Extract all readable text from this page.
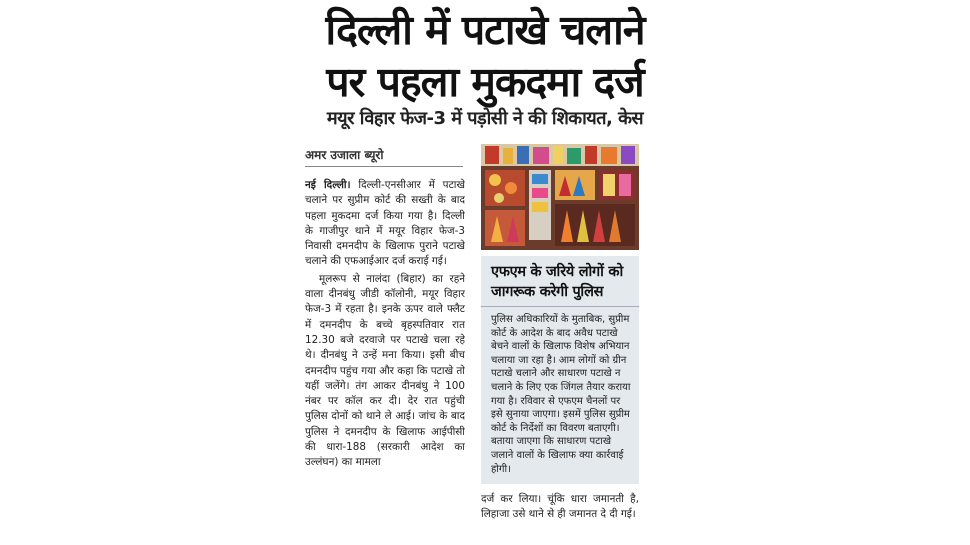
दिल्ली में पटाखे चलाने
पर पहला मुकदमा दर्ज
मयूर विहार फेज-3 में पड़ोसी ने की शिकायत, केस
अमर उजाला ब्यूरो

नई दिल्ली। दिल्ली-एनसीआर में पटाखे चलाने पर सुप्रीम कोर्ट की सख्ती के बाद पहला मुकदमा दर्ज किया गया है। दिल्ली के गाजीपुर थाने में मयूर विहार फेज-3 निवासी दमनदीप के खिलाफ पुराने पटाखे चलाने की एफआईआर दर्ज कराई गई।

मूलरूप से नालंदा (बिहार) का रहने वाला दीनबंधु जीडी कॉलोनी, मयूर विहार फेज-3 में रहता है। इनके ऊपर वाले फ्लैट में दमनदीप के बच्चे बृहस्पतिवार रात 12.30 बजे दरवाजे पर पटाखे चला रहे थे। दीनबंधु ने उन्हें मना किया। इसी बीच दमनदीप पहुंच गया और कहा कि पटाखे तो यहीं जलेंगे। तंग आकर दीनबंधु ने 100 नंबर पर कॉल कर दी। देर रात पहुंची पुलिस दोनों को थाने ले आई। जांच के बाद पुलिस ने दमनदीप के खिलाफ आईपीसी की धारा-188 (सरकारी आदेश का उल्लंघन) का मामला

एफएम के जरिये लोगों को जागरूक करेगी पुलिस
पुलिस अधिकारियों के मुताबिक, सुप्रीम कोर्ट के आदेश के बाद अवैध पटाखे बेचने वालों के खिलाफ विशेष अभियान चलाया जा रहा है। आम लोगों को ग्रीन पटाखे चलाने और साधारण पटाखे न चलाने के लिए एक जिंगल तैयार कराया गया है। रविवार से एफएम चैनलों पर इसे सुनाया जाएगा। इसमें पुलिस सुप्रीम कोर्ट के निर्देशों का विवरण बताएगी। बताया जाएगा कि साधारण पटाखे जलाने वालों के खिलाफ क्या कार्रवाई होगी।
दर्ज कर लिया। चूंकि धारा जमानती है, लिहाजा उसे थाने से ही जमानत दे दी गई।
